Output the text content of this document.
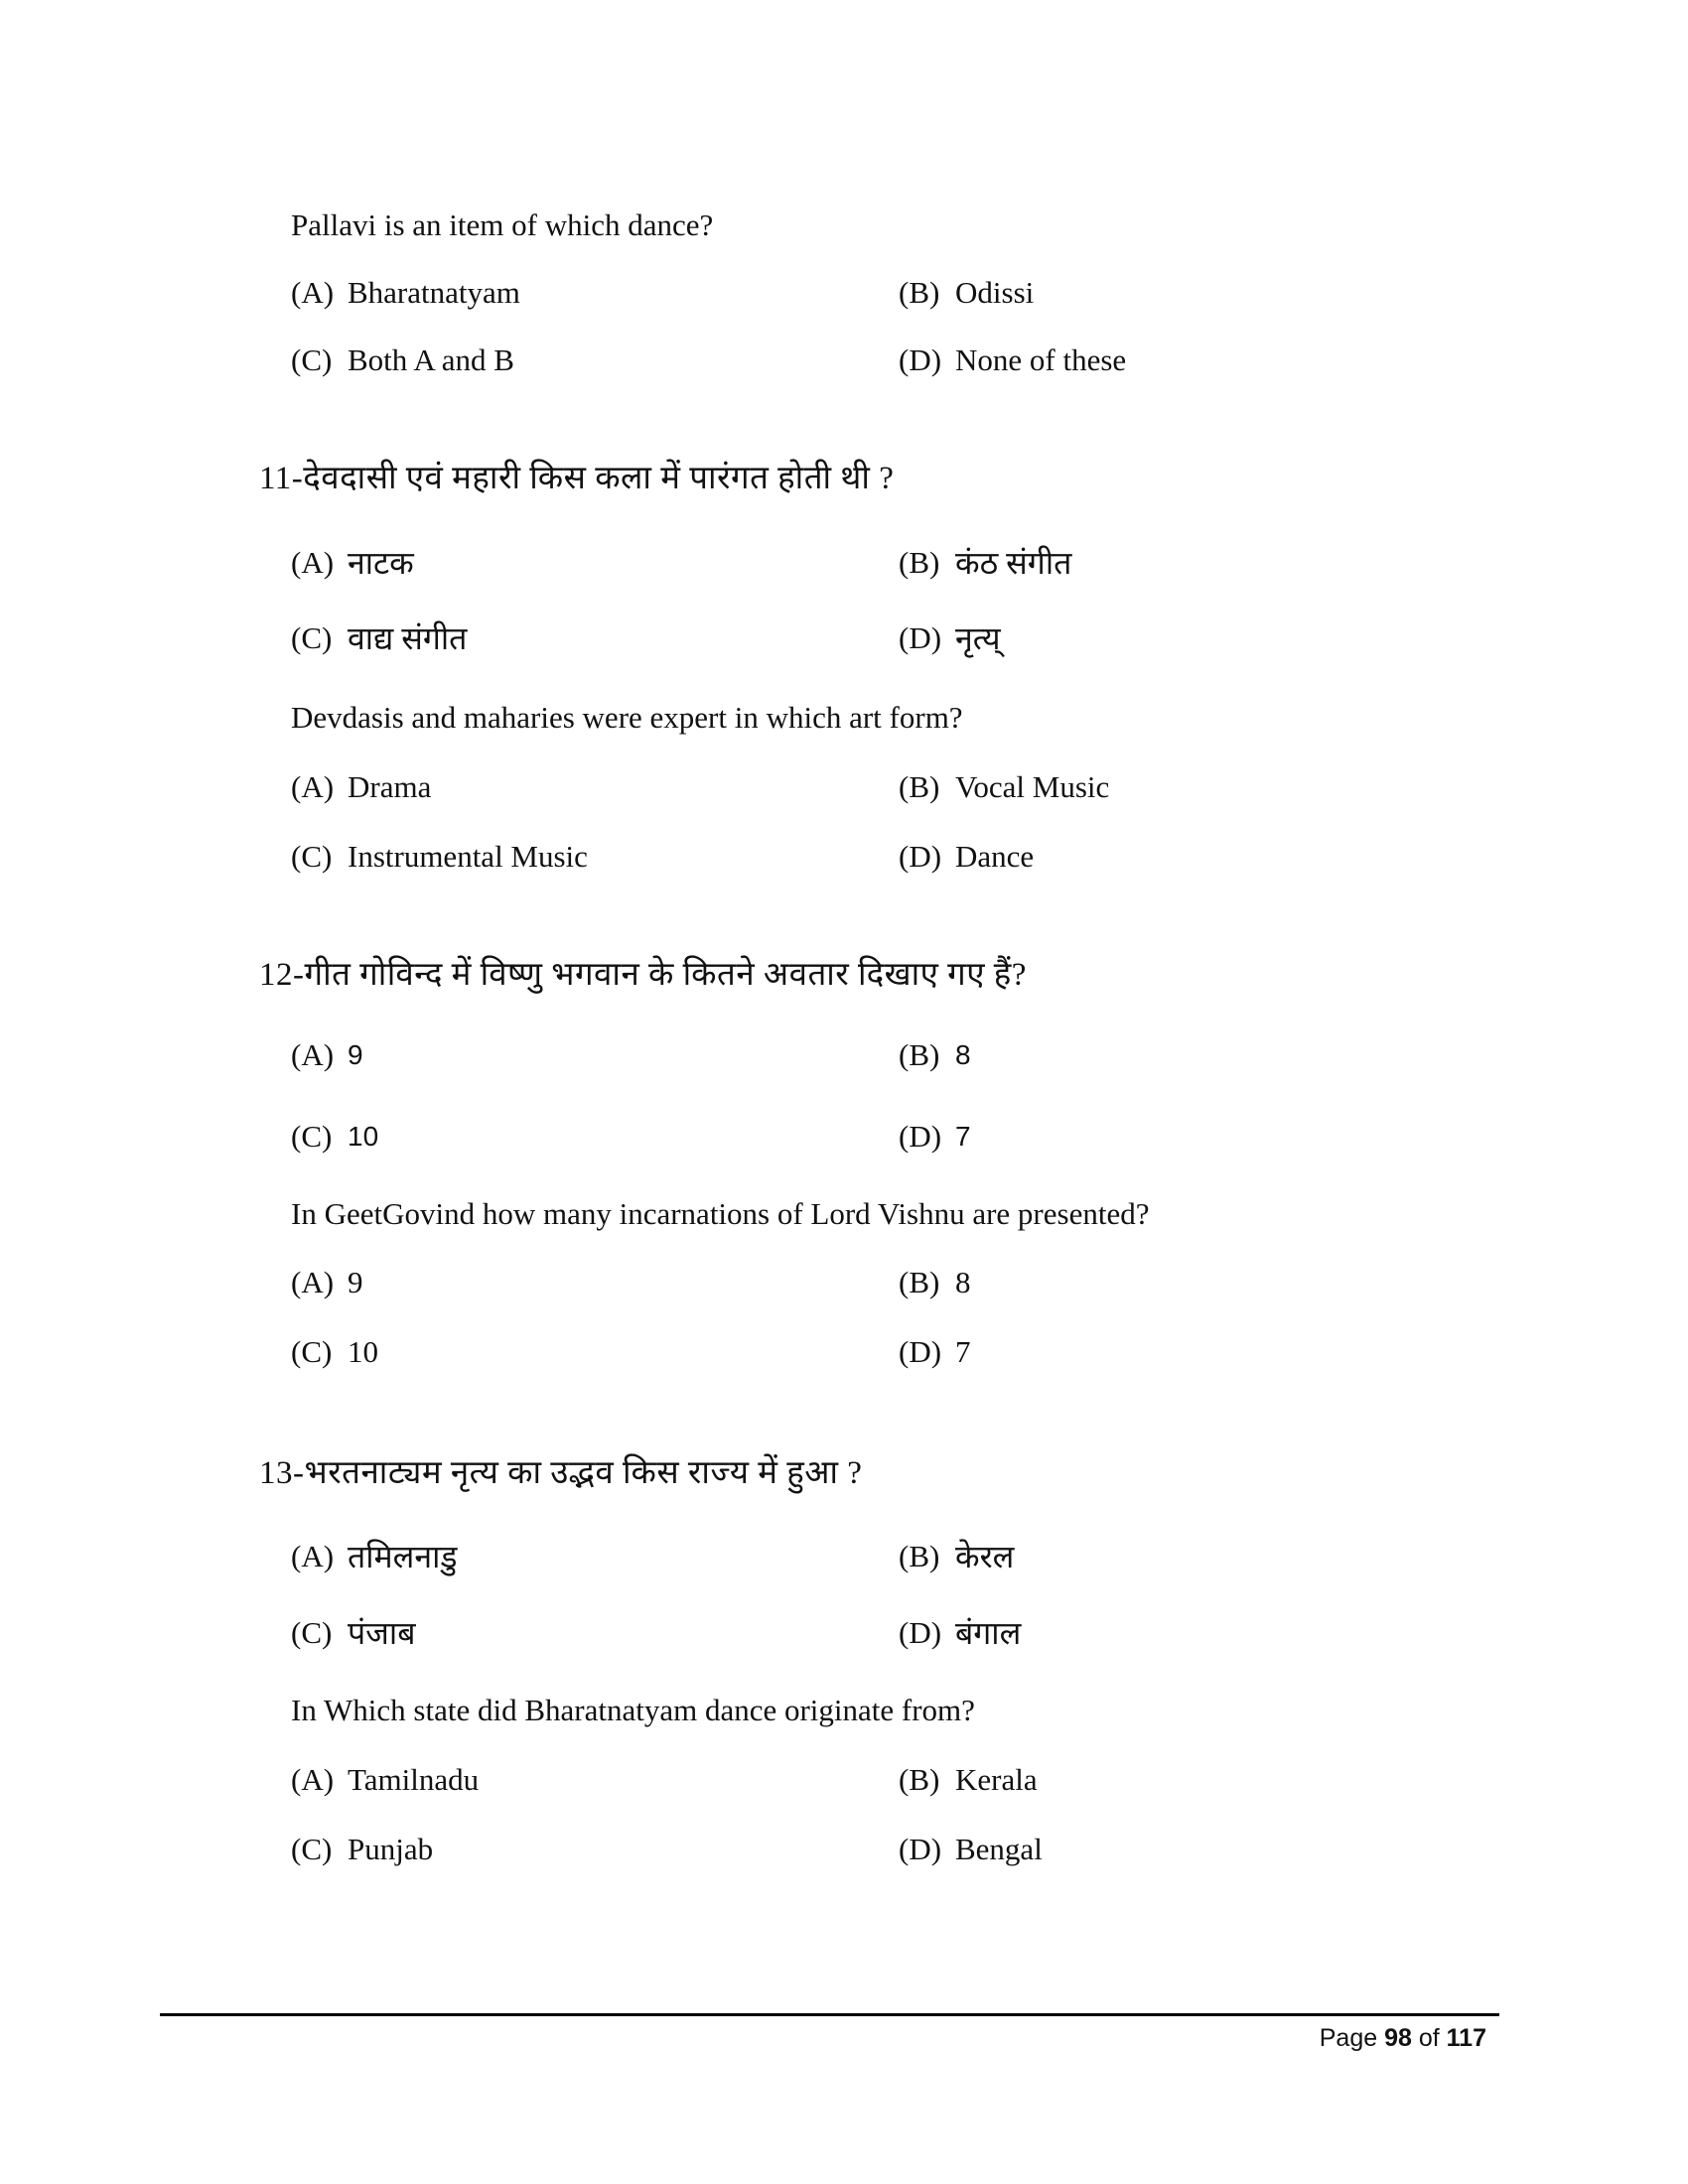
Pallavi is an item of which dance?
(A) Bharatnatyam	(B) Odissi
(C) Both A and B	(D) None of these
11-देवदासी एवं महारी किस कला में पारंगत होती थी ?
(A) नाटक	(B) कंठ संगीत
(C) वाद्य संगीत	(D) नृत्य्
Devdasis and maharies were expert in which art form?
(A) Drama	(B) Vocal Music
(C) Instrumental Music	(D) Dance
12-गीत गोविन्द में विष्णु भगवान के कितने अवतार दिखाए गए हैं?
(A) 9	(B) 8
(C) 10	(D) 7
In GeetGovind how many incarnations of Lord Vishnu are presented?
(A) 9	(B) 8
(C) 10	(D) 7
13-भरतनाट्यम नृत्य का उद्भव किस राज्य में हुआ ?
(A) तमिलनाडु	(B) केरल
(C) पंजाब	(D) बंगाल
In Which state did Bharatnatyam dance originate from?
(A) Tamilnadu	(B) Kerala
(C) Punjab	(D) Bengal
Page 98 of 117
